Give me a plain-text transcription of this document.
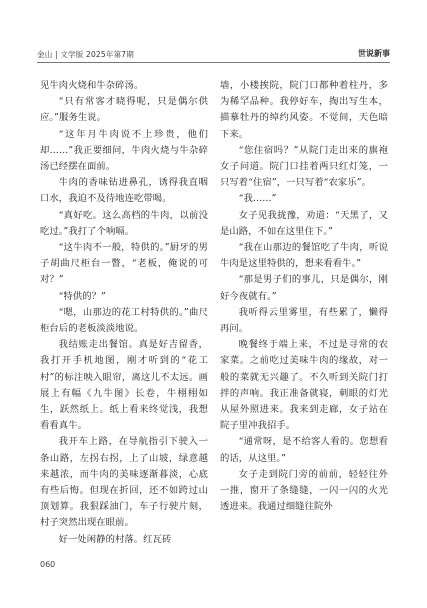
金山 | 文学版 2025年第7期	世说新事

见牛肉火烧和牛杂碎汤。

“只有常客才晓得呢，只是偶尔供应。”服务生说。

“这年月牛肉说不上珍贵，他们却……”我正要细问，牛肉火烧与牛杂碎汤已经摆在面前。

牛肉的香味钻进鼻孔，诱得我直咽口水，我迫不及待地连吃带喝。

“真好吃。这么高档的牛肉，以前没吃过。”我打了个响嗝。

“这牛肉不一般，特供的。”厨牙的男子胡曲尺柜台一瞥，“老板，俺说的可对？”

“特供的？”

“嗯，山那边的花工村特供的。”曲尺柜台后的老板淡淡地说。

我结账走出餐馆。真是好吉留香，我打开手机地图，刚才听到的“花工村”的标注映入眼帘，离这儿不太远。画展上有幅《九牛图》长卷，牛栩栩如生，跃然纸上。纸上看来终觉浅，我想看看真牛。

我开车上路，在导航指引下驶入一条山路，左拐右拐，上了山坡，绿意越来越浓，而牛肉的美味逐渐暮淡，心底有些后悔。但现在折回，还不如跨过山顶划算。我狠踩油门，车子行驶片刻，村子突然出现在眼前。

好一处闲静的村落。红瓦砖

墙，小楼挨院，院门口都种着柱丹，多为稀罕品种。我停好车，掏出写生本，描摹牡丹的绰约风姿。不觉间，天色暗下来。

“您住宿吗？”从院门走出来的旗袍女子问道。院门口挂着两只红灯笼，一只写着“住宿”，一只写着“农家乐”。

“我……”

女子见我拢豫，劝道：“天黑了，又是山路，不如在这里住下。”

“我在山那边的餐馆吃了牛肉，听说牛肉是这里特供的，想来看看牛。”

“那是男子们的事儿，只是偶尔，刚好今夜就有。”

我听得云里雾里，有些累了，懒得再问。

晚餐终于端上来，不过是寻常的农家菜。之前吃过美味牛肉的缘故，对一般的菜就无兴趣了。不久听到关院门打拌的声响。我正准备就寝，刺眼的灯光从屋外照进来。我来到走廊，女子站在院子里冲我招手。

“通常呀，是不给客人看的。您想看的话，从这里。”

女子走到院门旁的前前，轻轻往外一推，窗开了条缝缝，一闪一闪的火光透进来。我通过细缝往院外

060
